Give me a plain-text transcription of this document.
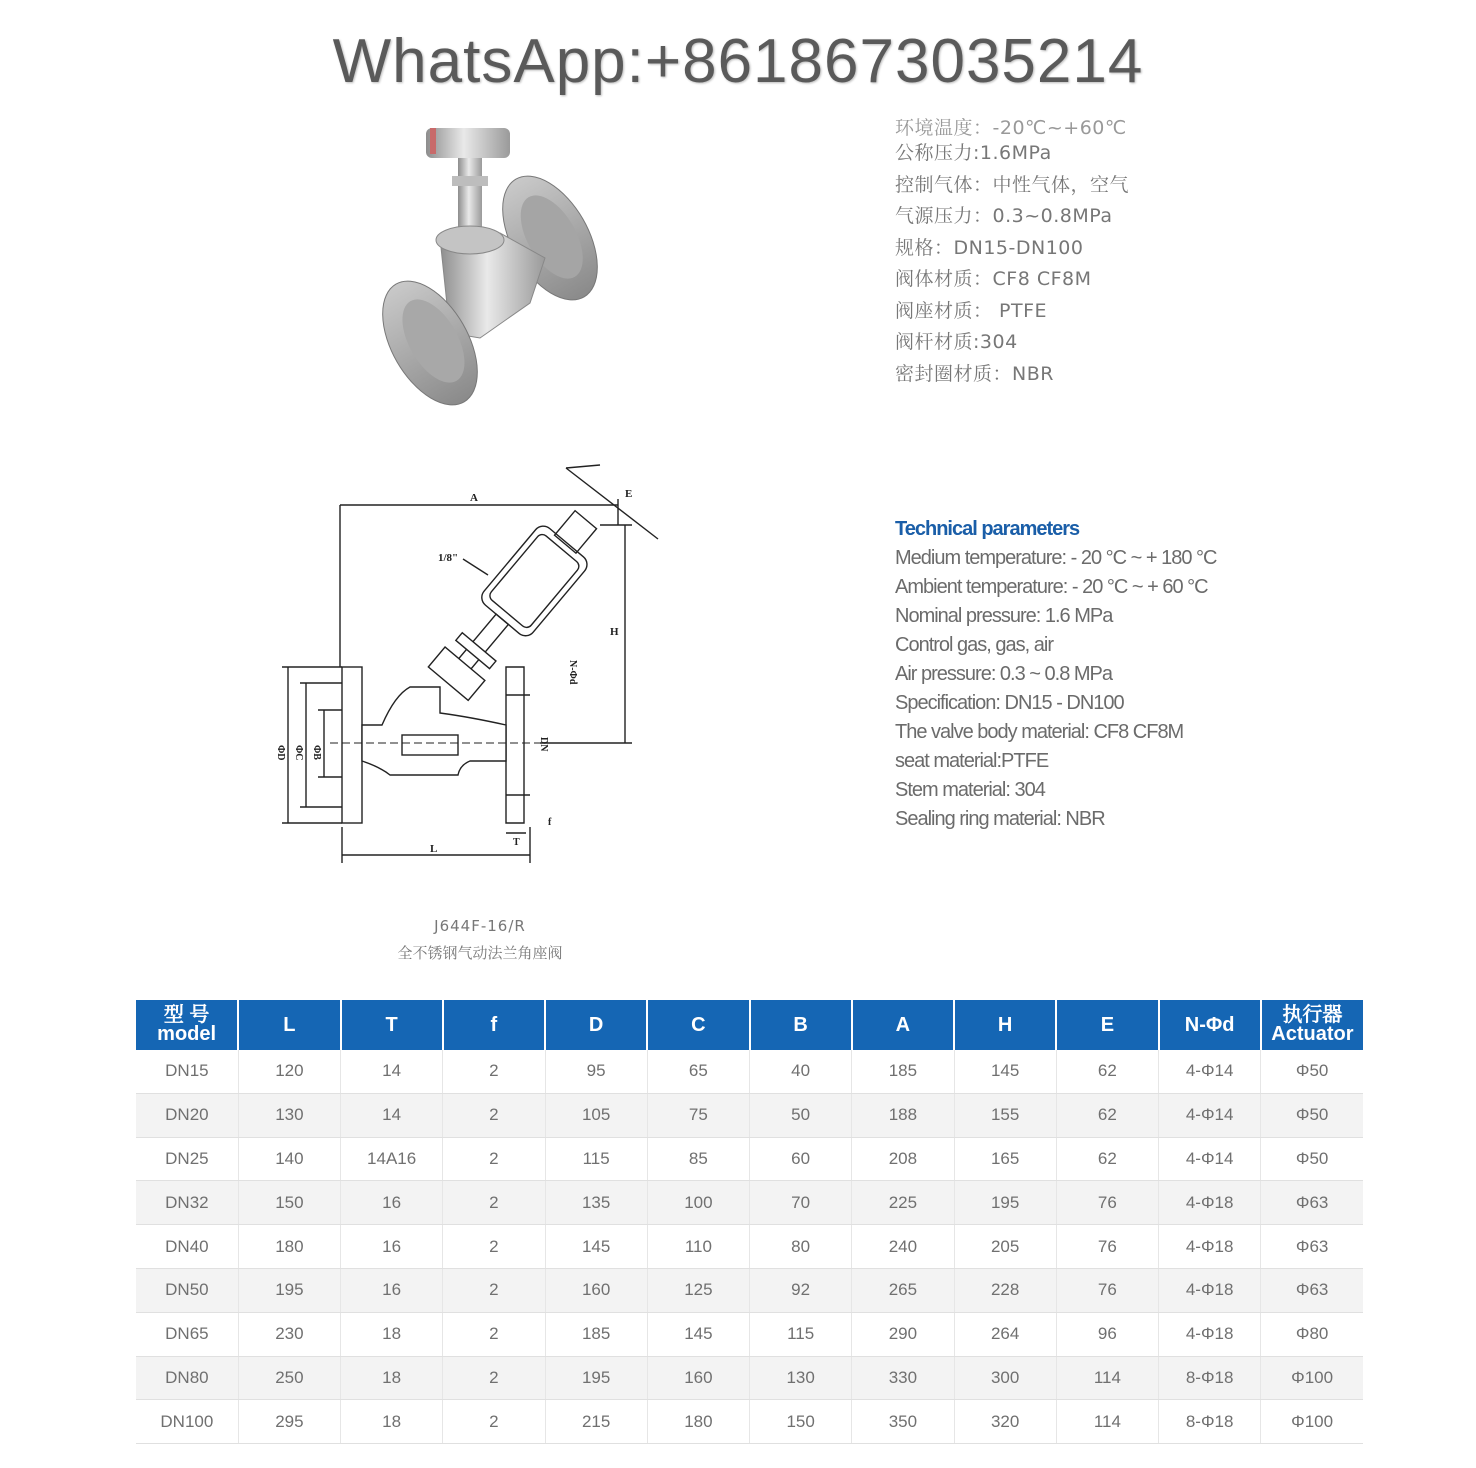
WhatsApp:+8618673035214
环境温度：-20℃~+60℃
公称压力:1.6MPa
控制气体：中性气体，空气
气源压力：0.3~0.8MPa
规格：DN15-DN100
阀体材质：CF8 CF8M
阀座材质： PTFE
阀杆材质:304
密封圈材质：NBR
A	E
H
1/8"
N-Φd
ΦD ΦC ΦB
DN
L
T
f
J644F-16/R
全不锈钢气动法兰角座阀
Technical parameters
Medium temperature: - 20 °C ~ + 180 °C
Ambient temperature: - 20 °C ~ + 60 °C
Nominal pressure: 1.6 MPa
Control gas, gas, air
Air pressure: 0.3 ~ 0.8 MPa
Specification: DN15 - DN100
The valve body material: CF8 CF8M
seat material:PTFE
Stem material: 304
Sealing ring material: NBR
型 号
model	L	T	f	D	C	B	A	H	E	N-Φd	执行器
Actuator

DN15	120	14	2	95	65	40	185	145	62	4-Φ14	Φ50
DN20	130	14	2	105	75	50	188	155	62	4-Φ14	Φ50
DN25	140	14A16	2	115	85	60	208	165	62	4-Φ14	Φ50
DN32	150	16	2	135	100	70	225	195	76	4-Φ18	Φ63
DN40	180	16	2	145	110	80	240	205	76	4-Φ18	Φ63
DN50	195	16	2	160	125	92	265	228	76	4-Φ18	Φ63
DN65	230	18	2	185	145	115	290	264	96	4-Φ18	Φ80
DN80	250	18	2	195	160	130	330	300	114	8-Φ18	Φ100
DN100	295	18	2	215	180	150	350	320	114	8-Φ18	Φ100
